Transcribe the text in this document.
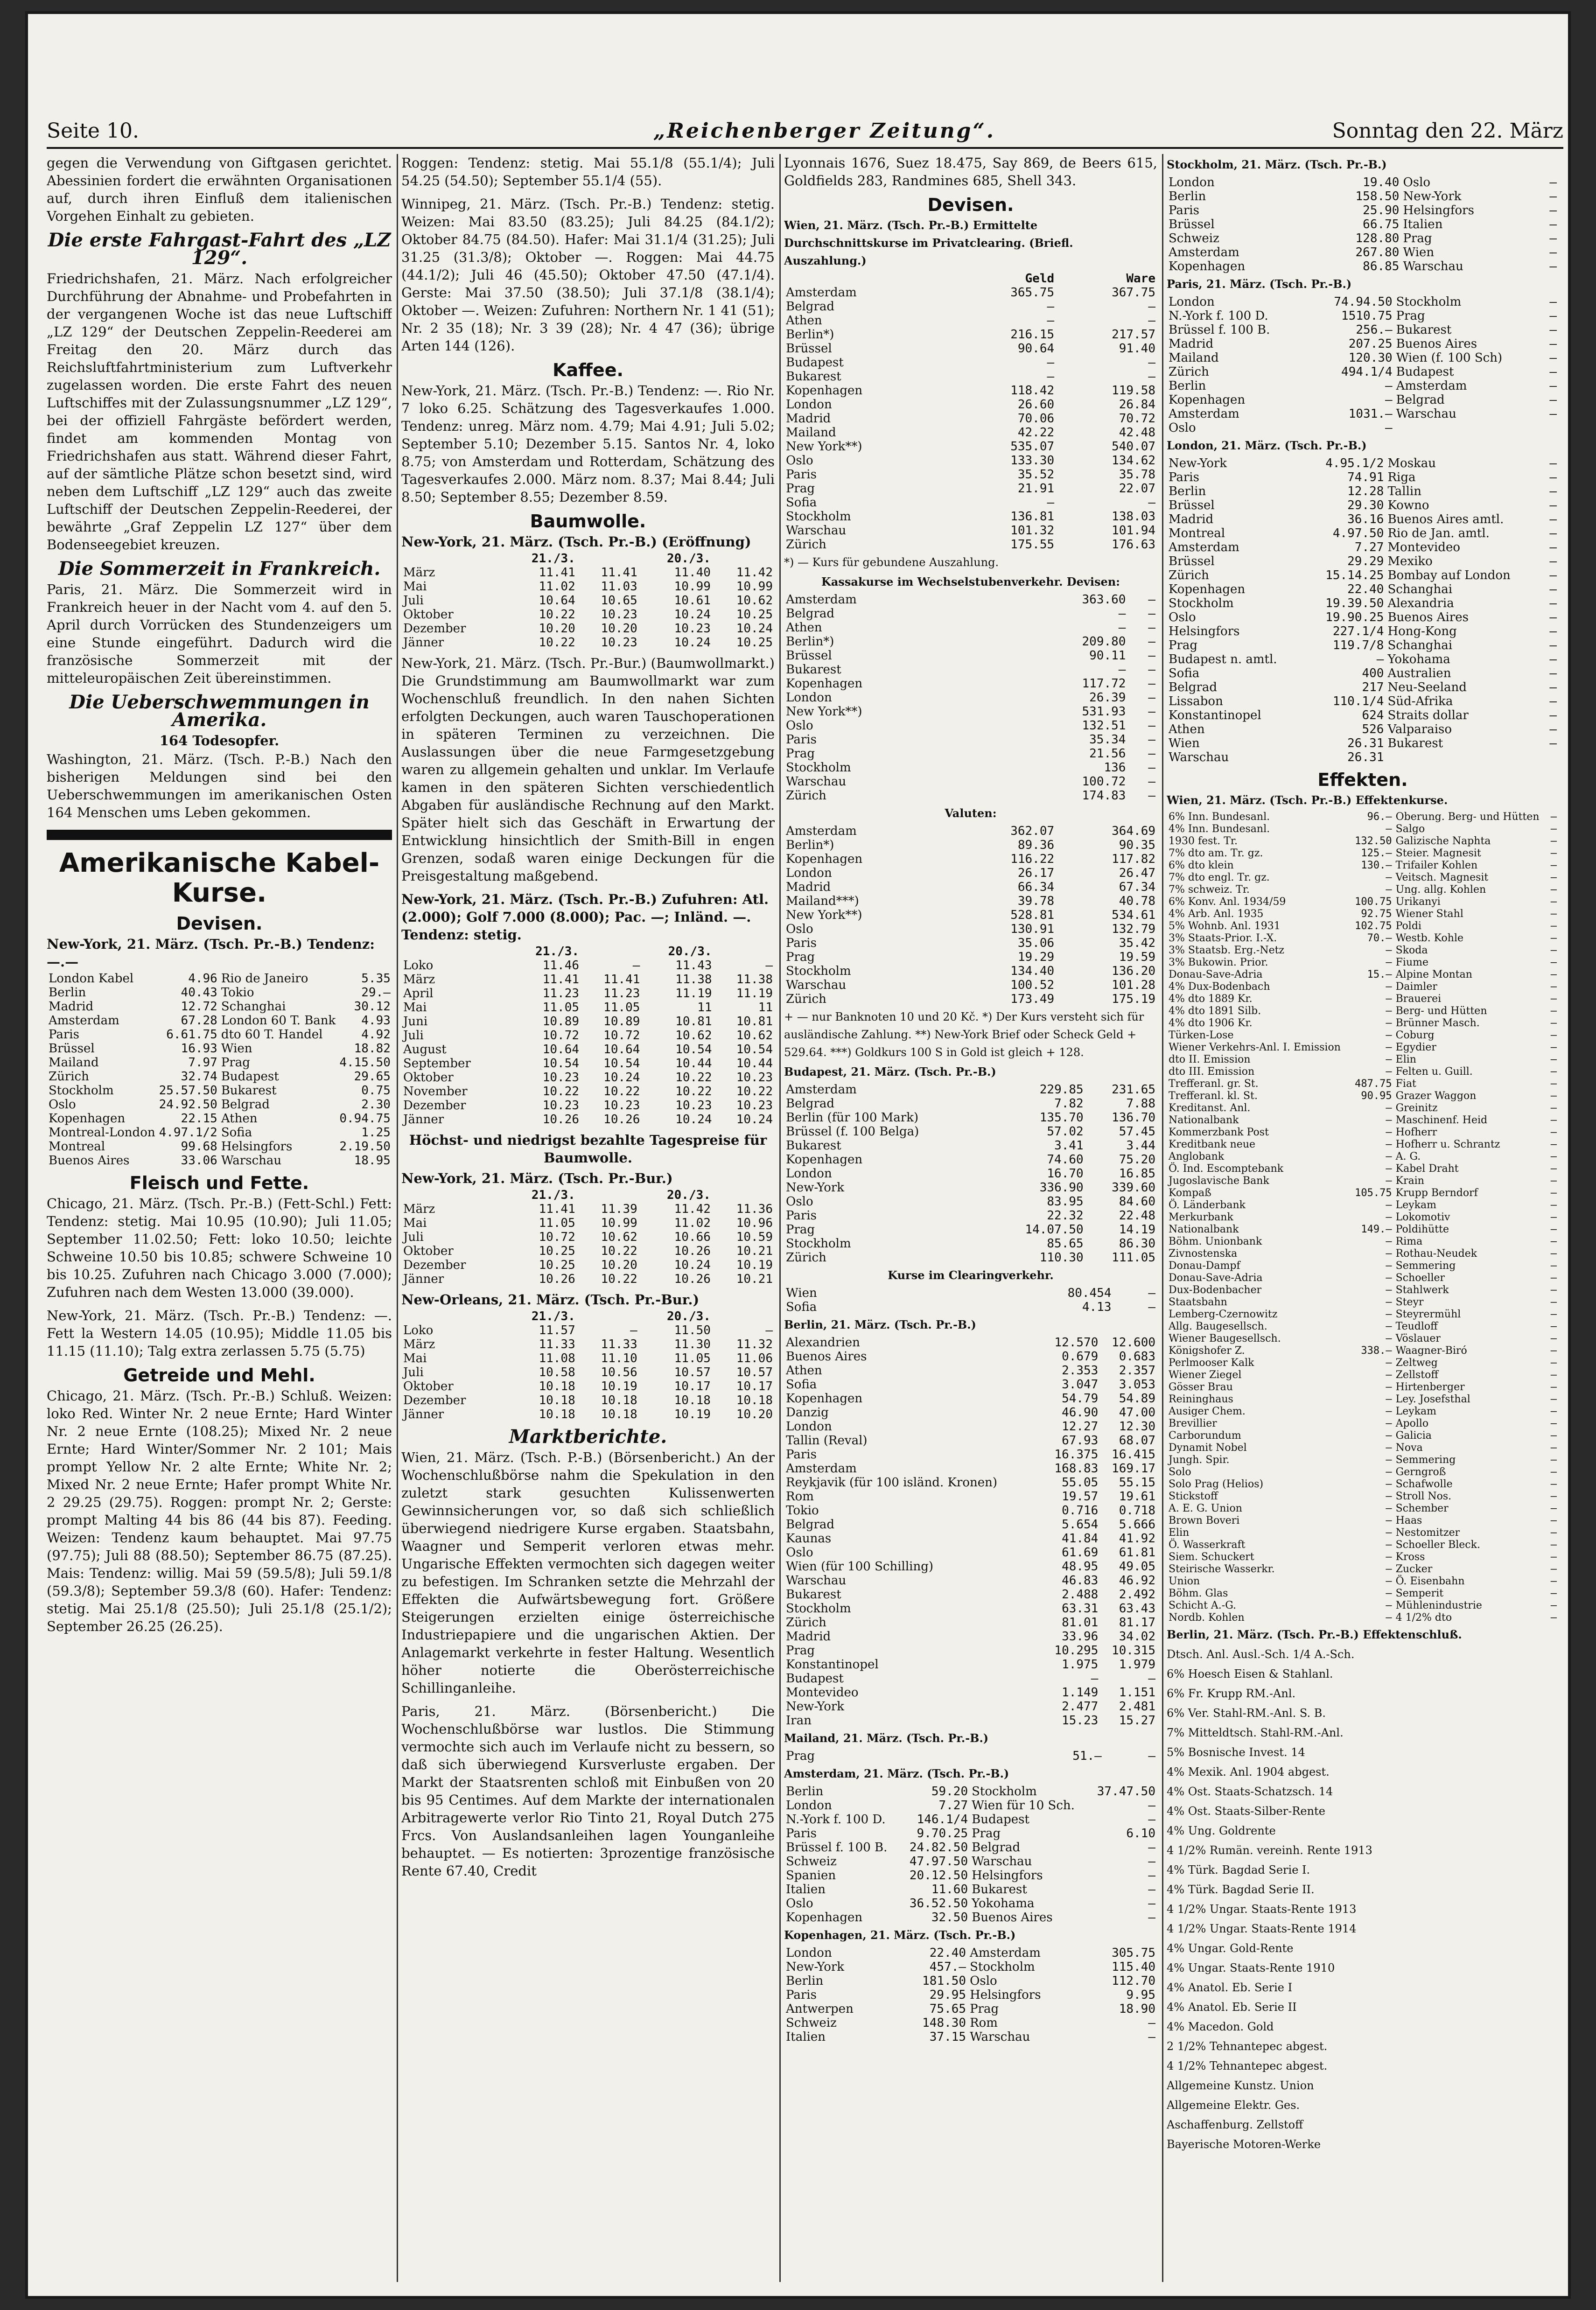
Seite 10.	„Reichenberger Zeitung“.	Sonntag den 22. März

gegen die Verwendung von Giftgasen gerichtet. Abessinien fordert die erwähnten Organisationen auf, durch ihren Einfluß dem italienischen Vorgehen Einhalt zu gebieten.

Die erste Fahrgast-Fahrt des „LZ 129“.

Friedrichshafen, 21. März. Nach erfolgreicher Durchführung der Abnahme- und Probefahrten in der vergangenen Woche ist das neue Luftschiff „LZ 129“ der Deutschen Zeppelin-Reederei am Freitag den 20. März durch das Reichsluftfahrtministerium zum Luftverkehr zugelassen worden. Die erste Fahrt des neuen Luftschiffes mit der Zulassungsnummer „LZ 129“, bei der offiziell Fahrgäste befördert werden, findet am kommenden Montag von Friedrichshafen aus statt. Während dieser Fahrt, auf der sämtliche Plätze schon besetzt sind, wird neben dem Luftschiff „LZ 129“ auch das zweite Luftschiff der Deutschen Zeppelin-Reederei, der bewährte „Graf Zeppelin LZ 127“ über dem Bodenseegebiet kreuzen.

Die Sommerzeit in Frankreich.

Paris, 21. März. Die Sommerzeit wird in Frankreich heuer in der Nacht vom 4. auf den 5. April durch Vorrücken des Stundenzeigers um eine Stunde eingeführt. Dadurch wird die französische Sommerzeit mit der mitteleuropäischen Zeit übereinstimmen.

Die Ueberschwemmungen in Amerika.
164 Todesopfer.

Washington, 21. März. (Tsch. P.-B.) Nach den bisherigen Meldungen sind bei den Ueberschwemmungen im amerikanischen Osten 164 Menschen ums Leben gekommen.

Amerikanische Kabel-Kurse.
Devisen.
New-York, 21. März. (Tsch. Pr.-B.) Tendenz: —.—
London Kabel	4.96	Rio de Janeiro	5.35
Berlin	40.43	Tokio	29.—
Madrid	12.72	Schanghai	30.12
Amsterdam	67.28	London 60 T. Bank	4.93
Paris	6.61.75	dto 60 T. Handel	4.92
Brüssel	16.93	Wien	18.82
Mailand	7.97	Prag	4.15.50
Zürich	32.74	Budapest	29.65
Stockholm	25.57.50	Bukarest	0.75
Oslo	24.92.50	Belgrad	2.30
Kopenhagen	22.15	Athen	0.94.75
Montreal-London	4.97.1/2	Sofia	1.25
Montreal	99.68	Helsingfors	2.19.50
Buenos Aires	33.06	Warschau	18.95
Fleisch und Fette.

Chicago, 21. März. (Tsch. Pr.-B.) (Fett-Schl.) Fett: Tendenz: stetig. Mai 10.95 (10.90); Juli 11.05; September 11.02.50; Fett: loko 10.50; leichte Schweine 10.50 bis 10.85; schwere Schweine 10 bis 10.25. Zufuhren nach Chicago 3.000 (7.000); Zufuhren nach dem Westen 13.000 (39.000).

New-York, 21. März. (Tsch. Pr.-B.) Tendenz: —. Fett la Western 14.05 (10.95); Middle 11.05 bis 11.15 (11.10); Talg extra zerlassen 5.75 (5.75)

Getreide und Mehl.

Chicago, 21. März. (Tsch. Pr.-B.) Schluß. Weizen: loko Red. Winter Nr. 2 neue Ernte; Hard Winter Nr. 2 neue Ernte (108.25); Mixed Nr. 2 neue Ernte; Hard Winter/Sommer Nr. 2 101; Mais prompt Yellow Nr. 2 alte Ernte; White Nr. 2; Mixed Nr. 2 neue Ernte; Hafer prompt White Nr. 2 29.25 (29.75). Roggen: prompt Nr. 2; Gerste: prompt Malting 44 bis 86 (44 bis 87). Feeding. Weizen: Tendenz kaum behauptet. Mai 97.75 (97.75); Juli 88 (88.50); September 86.75 (87.25). Mais: Tendenz: willig. Mai 59 (59.5/8); Juli 59.1/8 (59.3/8); September 59.3/8 (60). Hafer: Tendenz: stetig. Mai 25.1/8 (25.50); Juli 25.1/8 (25.1/2); September 26.25 (26.25).

Roggen: Tendenz: stetig. Mai 55.1/8 (55.1/4); Juli 54.25 (54.50); September 55.1/4 (55).

Winnipeg, 21. März. (Tsch. Pr.-B.) Tendenz: stetig. Weizen: Mai 83.50 (83.25); Juli 84.25 (84.1/2); Oktober 84.75 (84.50). Hafer: Mai 31.1/4 (31.25); Juli 31.25 (31.3/8); Oktober —. Roggen: Mai 44.75 (44.1/2); Juli 46 (45.50); Oktober 47.50 (47.1/4). Gerste: Mai 37.50 (38.50); Juli 37.1/8 (38.1/4); Oktober —. Weizen: Zufuhren: Northern Nr. 1 41 (51); Nr. 2 35 (18); Nr. 3 39 (28); Nr. 4 47 (36); übrige Arten 144 (126).

Kaffee.

New-York, 21. März. (Tsch. Pr.-B.) Tendenz: —. Rio Nr. 7 loko 6.25. Schätzung des Tagesverkaufes 1.000. Tendenz: unreg. März nom. 4.79; Mai 4.91; Juli 5.02; September 5.10; Dezember 5.15. Santos Nr. 4, loko 8.75; von Amsterdam und Rotterdam, Schätzung des Tagesverkaufes 2.000. März nom. 8.37; Mai 8.44; Juli 8.50; September 8.55; Dezember 8.59.

Baumwolle.
New-York, 21. März. (Tsch. Pr.-B.) (Eröffnung)
	21./3.		20./3.	
März	11.41	11.41	11.40	11.42
Mai	11.02	11.03	10.99	10.99
Juli	10.64	10.65	10.61	10.62
Oktober	10.22	10.23	10.24	10.25
Dezember	10.20	10.20	10.23	10.24
Jänner	10.22	10.23	10.24	10.25

New-York, 21. März. (Tsch. Pr.-Bur.) (Baumwollmarkt.) Die Grundstimmung am Baumwollmarkt war zum Wochenschluß freundlich. In den nahen Sichten erfolgten Deckungen, auch waren Tauschoperationen in späteren Terminen zu verzeichnen. Die Auslassungen über die neue Farmgesetzgebung waren zu allgemein gehalten und unklar. Im Verlaufe kamen in den späteren Sichten verschiedentlich Abgaben für ausländische Rechnung auf den Markt. Später hielt sich das Geschäft in Erwartung der Entwicklung hinsichtlich der Smith-Bill in engen Grenzen, sodaß waren einige Deckungen für die Preisgestaltung maßgebend.

New-York, 21. März. (Tsch. Pr.-B.) Zufuhren: Atl. (2.000); Golf 7.000 (8.000); Pac. —; Inländ. —. Tendenz: stetig.
	21./3.		20./3.	
Loko	11.46	—	11.43	—
März	11.41	11.41	11.38	11.38
April	11.23	11.23	11.19	11.19
Mai	11.05	11.05	11	11
Juni	10.89	10.89	10.81	10.81
Juli	10.72	10.72	10.62	10.62
August	10.64	10.64	10.54	10.54
September	10.54	10.54	10.44	10.44
Oktober	10.23	10.24	10.22	10.23
November	10.22	10.22	10.22	10.22
Dezember	10.23	10.23	10.23	10.23
Jänner	10.26	10.26	10.24	10.24
Höchst- und niedrigst bezahlte Tagespreise für Baumwolle.
New-York, 21. März. (Tsch. Pr.-Bur.)
	21./3.		20./3.	
März	11.41	11.39	11.42	11.36
Mai	11.05	10.99	11.02	10.96
Juli	10.72	10.62	10.66	10.59
Oktober	10.25	10.22	10.26	10.21
Dezember	10.25	10.20	10.24	10.19
Jänner	10.26	10.22	10.26	10.21
New-Orleans, 21. März. (Tsch. Pr.-Bur.)
	21./3.		20./3.	
Loko	11.57	—	11.50	—
März	11.33	11.33	11.30	11.32
Mai	11.08	11.10	11.05	11.06
Juli	10.58	10.56	10.57	10.57
Oktober	10.18	10.19	10.17	10.17
Dezember	10.18	10.18	10.18	10.18
Jänner	10.18	10.18	10.19	10.20
Marktberichte.

Wien, 21. März. (Tsch. P.-B.) (Börsenbericht.) An der Wochenschlußbörse nahm die Spekulation in den zuletzt stark gesuchten Kulissenwerten Gewinnsicherungen vor, so daß sich schließlich überwiegend niedrigere Kurse ergaben. Staatsbahn, Waagner und Semperit verloren etwas mehr. Ungarische Effekten vermochten sich dagegen weiter zu befestigen. Im Schranken setzte die Mehrzahl der Effekten die Aufwärtsbewegung fort. Größere Steigerungen erzielten einige österreichische Industriepapiere und die ungarischen Aktien. Der Anlagemarkt verkehrte in fester Haltung. Wesentlich höher notierte die Oberösterreichische Schillinganleihe.

Paris, 21. März. (Börsenbericht.) Die Wochenschlußbörse war lustlos. Die Stimmung vermochte sich auch im Verlaufe nicht zu bessern, so daß sich überwiegend Kursverluste ergaben. Der Markt der Staatsrenten schloß mit Einbußen von 20 bis 95 Centimes. Auf dem Markte der internationalen Arbitragewerte verlor Rio Tinto 21, Royal Dutch 275 Frcs. Von Auslandsanleihen lagen Younganleihe behauptet. — Es notierten: 3prozentige französische Rente 67.40, Credit

Lyonnais 1676, Suez 18.475, Say 869, de Beers 615, Goldfields 283, Randmines 685, Shell 343.

Devisen.
Wien, 21. März. (Tsch. Pr.-B.) Ermittelte Durchschnittskurse im Privatclearing. (Briefl. Auszahlung.)
	Geld	Ware
Amsterdam	365.75	367.75
Belgrad	—	—
Athen	—	—
Berlin*)	216.15	217.57
Brüssel	90.64	91.40
Budapest	—	—
Bukarest	—	—
Kopenhagen	118.42	119.58
London	26.60	26.84
Madrid	70.06	70.72
Mailand	42.22	42.48
New York**)	535.07	540.07
Oslo	133.30	134.62
Paris	35.52	35.78
Prag	21.91	22.07
Sofia	—	—
Stockholm	136.81	138.03
Warschau	101.32	101.94
Zürich	175.55	176.63
*) — Kurs für gebundene Auszahlung.
Kassakurse im Wechselstubenverkehr. Devisen:
Amsterdam	363.60	—
Belgrad	—	—
Athen	—	—
Berlin*)	209.80	—
Brüssel	90.11	—
Bukarest	—	—
Kopenhagen	117.72	—
London	26.39	—
New York**)	531.93	—
Oslo	132.51	—
Paris	35.34	—
Prag	21.56	—
Stockholm	136	—
Warschau	100.72	—
Zürich	174.83	—
Valuten:
Amsterdam	362.07	364.69
Berlin*)	89.36	90.35
Kopenhagen	116.22	117.82
London	26.17	26.47
Madrid	66.34	67.34
Mailand***)	39.78	40.78
New York**)	528.81	534.61
Oslo	130.91	132.79
Paris	35.06	35.42
Prag	19.29	19.59
Stockholm	134.40	136.20
Warschau	100.52	101.28
Zürich	173.49	175.19
+ — nur Banknoten 10 und 20 Kč. *) Der Kurs versteht sich für ausländische Zahlung. **) New-York Brief oder Scheck Geld + 529.64. ***) Goldkurs 100 S in Gold ist gleich + 128.
Budapest, 21. März. (Tsch. Pr.-B.)
Amsterdam	229.85	231.65
Belgrad	7.82	7.88
Berlin (für 100 Mark)	135.70	136.70
Brüssel (f. 100 Belga)	57.02	57.45
Bukarest	3.41	3.44
Kopenhagen	74.60	75.20
London	16.70	16.85
New-York	336.90	339.60
Oslo	83.95	84.60
Paris	22.32	22.48
Prag	14.07.50	14.19
Stockholm	85.65	86.30
Zürich	110.30	111.05
Kurse im Clearingverkehr.
Wien	80.454	—
Sofia	4.13	—
Berlin, 21. März. (Tsch. Pr.-B.)
Alexandrien	12.570	12.600
Buenos Aires	0.679	0.683
Athen	2.353	2.357
Sofia	3.047	3.053
Kopenhagen	54.79	54.89
Danzig	46.90	47.00
London	12.27	12.30
Tallin (Reval)	67.93	68.07
Paris	16.375	16.415
Amsterdam	168.83	169.17
Reykjavik (für 100 isländ. Kronen)	55.05	55.15
Rom	19.57	19.61
Tokio	0.716	0.718
Belgrad	5.654	5.666
Kaunas	41.84	41.92
Oslo	61.69	61.81
Wien (für 100 Schilling)	48.95	49.05
Warschau	46.83	46.92
Bukarest	2.488	2.492
Stockholm	63.31	63.43
Zürich	81.01	81.17
Madrid	33.96	34.02
Prag	10.295	10.315
Konstantinopel	1.975	1.979
Budapest	—	—
Montevideo	1.149	1.151
New-York	2.477	2.481
Iran	15.23	15.27
Mailand, 21. März. (Tsch. Pr.-B.)
Prag	51.—	—
Amsterdam, 21. März. (Tsch. Pr.-B.)
Berlin	59.20	Stockholm	37.47.50
London	7.27	Wien für 10 Sch.	—
N.-York f. 100 D.	146.1/4	Budapest	—
Paris	9.70.25	Prag	6.10
Brüssel f. 100 B.	24.82.50	Belgrad	—
Schweiz	47.97.50	Warschau	—
Spanien	20.12.50	Helsingfors	—
Italien	11.60	Bukarest	—
Oslo	36.52.50	Yokohama	—
Kopenhagen	32.50	Buenos Aires	—
Kopenhagen, 21. März. (Tsch. Pr.-B.)
London	22.40	Amsterdam	305.75
New-York	457.—	Stockholm	115.40
Berlin	181.50	Oslo	112.70
Paris	29.95	Helsingfors	9.95
Antwerpen	75.65	Prag	18.90
Schweiz	148.30	Rom	—
Italien	37.15	Warschau	—
Stockholm, 21. März. (Tsch. Pr.-B.)
London	19.40	Oslo	—
Berlin	158.50	New-York	—
Paris	25.90	Helsingfors	—
Brüssel	66.75	Italien	—
Schweiz	128.80	Prag	—
Amsterdam	267.80	Wien	—
Kopenhagen	86.85	Warschau	—
Paris, 21. März. (Tsch. Pr.-B.)
London	74.94.50	Stockholm	—
N.-York f. 100 D.	1510.75	Prag	—
Brüssel f. 100 B.	256.—	Bukarest	—
Madrid	207.25	Buenos Aires	—
Mailand	120.30	Wien (f. 100 Sch)	—
Zürich	494.1/4	Budapest	—
Berlin	—	Amsterdam	—
Kopenhagen	—	Belgrad	—
Amsterdam	1031.—	Warschau	—
Oslo	—		
London, 21. März. (Tsch. Pr.-B.)
New-York	4.95.1/2	Moskau	—
Paris	74.91	Riga	—
Berlin	12.28	Tallin	—
Brüssel	29.30	Kowno	—
Madrid	36.16	Buenos Aires amtl.	—
Montreal	4.97.50	Rio de Jan. amtl.	—
Amsterdam	7.27	Montevideo	—
Brüssel	29.29	Mexiko	—
Zürich	15.14.25	Bombay auf London	—
Kopenhagen	22.40	Schanghai	—
Stockholm	19.39.50	Alexandria	—
Oslo	19.90.25	Buenos Aires	—
Helsingfors	227.1/4	Hong-Kong	—
Prag	119.7/8	Schanghai	—
Budapest n. amtl.	—	Yokohama	—
Sofia	400	Australien	—
Belgrad	217	Neu-Seeland	—
Lissabon	110.1/4	Süd-Afrika	—
Konstantinopel	624	Straits dollar	—
Athen	526	Valparaiso	—
Wien	26.31	Bukarest	—
Warschau	26.31		
Effekten.
Wien, 21. März. (Tsch. Pr.-B.) Effektenkurse.
6% Inn. Bundesanl.	96.—	Oberung. Berg- und Hütten	—
4% Inn. Bundesanl.	—	Salgo	—
1930 fest. Tr.	132.50	Galizische Naphta	—
7% dto am. Tr. gz.	125.—	Steier. Magnesit	—
6% dto klein	130.—	Trifailer Kohlen	—
7% dto engl. Tr. gz.	—	Veitsch. Magnesit	—
7% schweiz. Tr.	—	Ung. allg. Kohlen	—
6% Konv. Anl. 1934/59	100.75	Urikanyi	—
4% Arb. Anl. 1935	92.75	Wiener Stahl	—
5% Wohnb. Anl. 1931	102.75	Poldi	—
3% Staats-Prior. I.-X.	70.—	Westb. Kohle	—
3% Staatsb. Erg.-Netz	—	Skoda	—
3% Bukowin. Prior.	—	Fiume	—
Donau-Save-Adria	15.—	Alpine Montan	—
4% Dux-Bodenbach	—	Daimler	—
4% dto 1889 Kr.	—	Brauerei	—
4% dto 1891 Silb.	—	Berg- und Hütten	—
4% dto 1906 Kr.	—	Brünner Masch.	—
Türken-Lose	—	Coburg	—
Wiener Verkehrs-Anl. I. Emission	—	Egydier	—
dto II. Emission	—	Elin	—
dto III. Emission	—	Felten u. Guill.	—
Trefferanl. gr. St.	487.75	Fiat	—
Trefferanl. kl. St.	90.95	Grazer Waggon	—
Kreditanst. Anl.	—	Greinitz	—
Nationalbank	—	Maschinenf. Heid	—
Kommerzbank Post	—	Hofherr	—
Kreditbank neue	—	Hofherr u. Schrantz	—
Anglobank	—	A. G.	—
Ö. Ind. Escomptebank	—	Kabel Draht	—
Jugoslavische Bank	—	Krain	—
Kompaß	105.75	Krupp Berndorf	—
Ö. Länderbank	—	Leykam	—
Merkurbank	—	Lokomotiv	—
Nationalbank	149.—	Poldihütte	—
Böhm. Unionbank	—	Rima	—
Zivnostenska	—	Rothau-Neudek	—
Donau-Dampf	—	Semmering	—
Donau-Save-Adria	—	Schoeller	—
Dux-Bodenbacher	—	Stahlwerk	—
Staatsbahn	—	Steyr	—
Lemberg-Czernowitz	—	Steyrermühl	—
Allg. Baugesellsch.	—	Teudloff	—
Wiener Baugesellsch.	—	Vöslauer	—
Königshofer Z.	338.—	Waagner-Biró	—
Perlmooser Kalk	—	Zeltweg	—
Wiener Ziegel	—	Zellstoff	—
Gösser Brau	—	Hirtenberger	—
Reininghaus	—	Ley. Josefsthal	—
Ausiger Chem.	—	Leykam	—
Brevillier	—	Apollo	—
Carborundum	—	Galicia	—
Dynamit Nobel	—	Nova	—
Jungh. Spir.	—	Semmering	—
Solo	—	Gerngroß	—
Solo Prag (Helios)	—	Schafwolle	—
Stickstoff	—	Stroll Nos.	—
A. E. G. Union	—	Schember	—
Brown Boveri	—	Haas	—
Elin	—	Nestomitzer	—
Ö. Wasserkraft	—	Schoeller Bleck.	—
Siem. Schuckert	—	Kross	—
Steirische Wasserkr.	—	Zucker	—
Union	—	Ö. Eisenbahn	—
Böhm. Glas	—	Semperit	—
Schicht A.-G.	—	Mühlenindustrie	—
Nordb. Kohlen	—	4 1/2% dto	—
Berlin, 21. März. (Tsch. Pr.-B.) Effektenschluß.
Dtsch. Anl. Ausl.-Sch. 1/4 A.-Sch.
6% Hoesch Eisen & Stahlanl.
6% Fr. Krupp RM.-Anl.
6% Ver. Stahl-RM.-Anl. S. B.
7% Mitteldtsch. Stahl-RM.-Anl.
5% Bosnische Invest. 14
4% Mexik. Anl. 1904 abgest.
4% Ost. Staats-Schatzsch. 14
4% Ost. Staats-Silber-Rente
4% Ung. Goldrente
4 1/2% Rumän. vereinh. Rente 1913
4% Türk. Bagdad Serie I.
4% Türk. Bagdad Serie II.
4 1/2% Ungar. Staats-Rente 1913
4 1/2% Ungar. Staats-Rente 1914
4% Ungar. Gold-Rente
4% Ungar. Staats-Rente 1910
4% Anatol. Eb. Serie I
4% Anatol. Eb. Serie II
4% Macedon. Gold
2 1/2% Tehnantepec abgest.
4 1/2% Tehnantepec abgest.
Allgemeine Kunstz. Union
Allgemeine Elektr. Ges.
Aschaffenburg. Zellstoff
Bayerische Motoren-Werke
